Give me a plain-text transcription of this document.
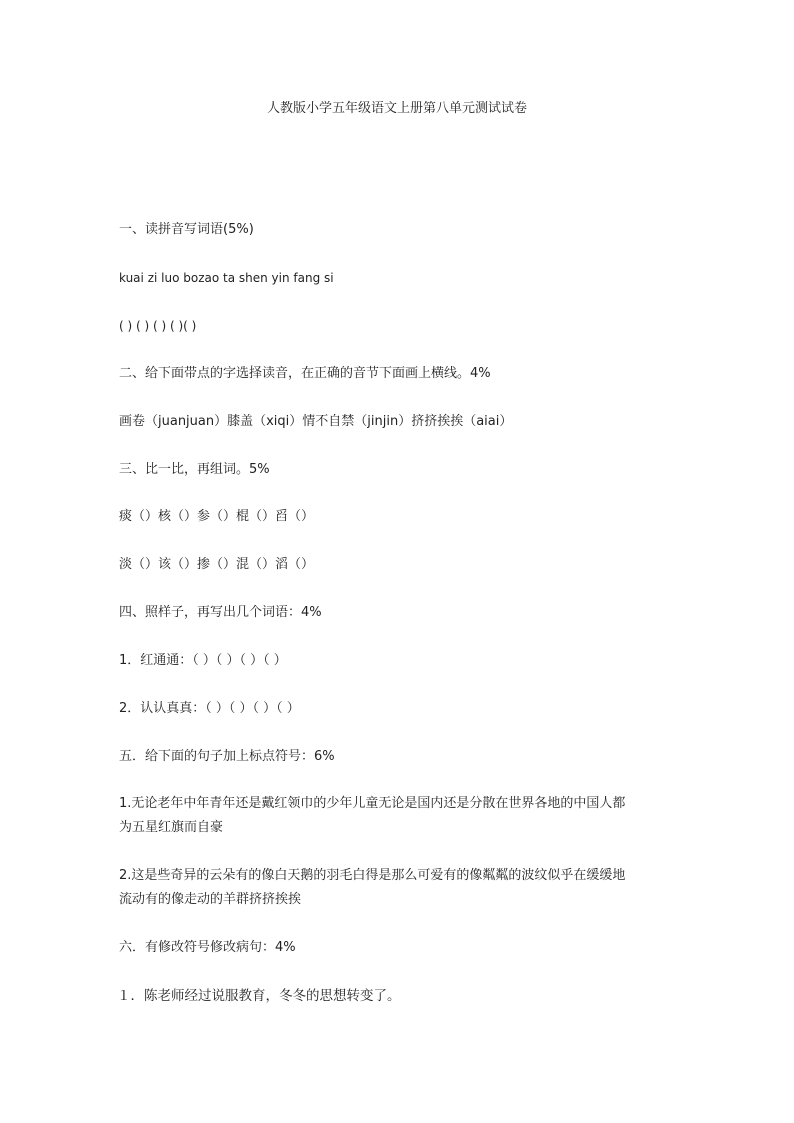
人教版小学五年级语文上册第八单元测试试卷
一、读拼音写词语(5%)
kuai zi luo bozao ta shen yin fang si
( ) ( ) ( ) ( )( )
二、给下面带点的字选择读音，在正确的音节下面画上横线。4%
画卷（juanjuan）膝盖（xiqi）情不自禁（jinjin）挤挤挨挨（aiai）
三、比一比，再组词。5%
痰（）核（）参（）棍（）舀（）
淡（）该（）掺（）混（）滔（）
四、照样子，再写出几个词语：4%
1．红通通：（ ）（ ）（ ）（ ）
2．认认真真：（ ）（ ）（ ）（ ）
五．给下面的句子加上标点符号：6%
1.无论老年中年青年还是戴红领巾的少年儿童无论是国内还是分散在世界各地的中国人都
为五星红旗而自豪
2.这是些奇异的云朵有的像白天鹅的羽毛白得是那么可爱有的像粼粼的波纹似乎在缓缓地
流动有的像走动的羊群挤挤挨挨
六．有修改符号修改病句：4%
１．陈老师经过说服教育，冬冬的思想转变了。
